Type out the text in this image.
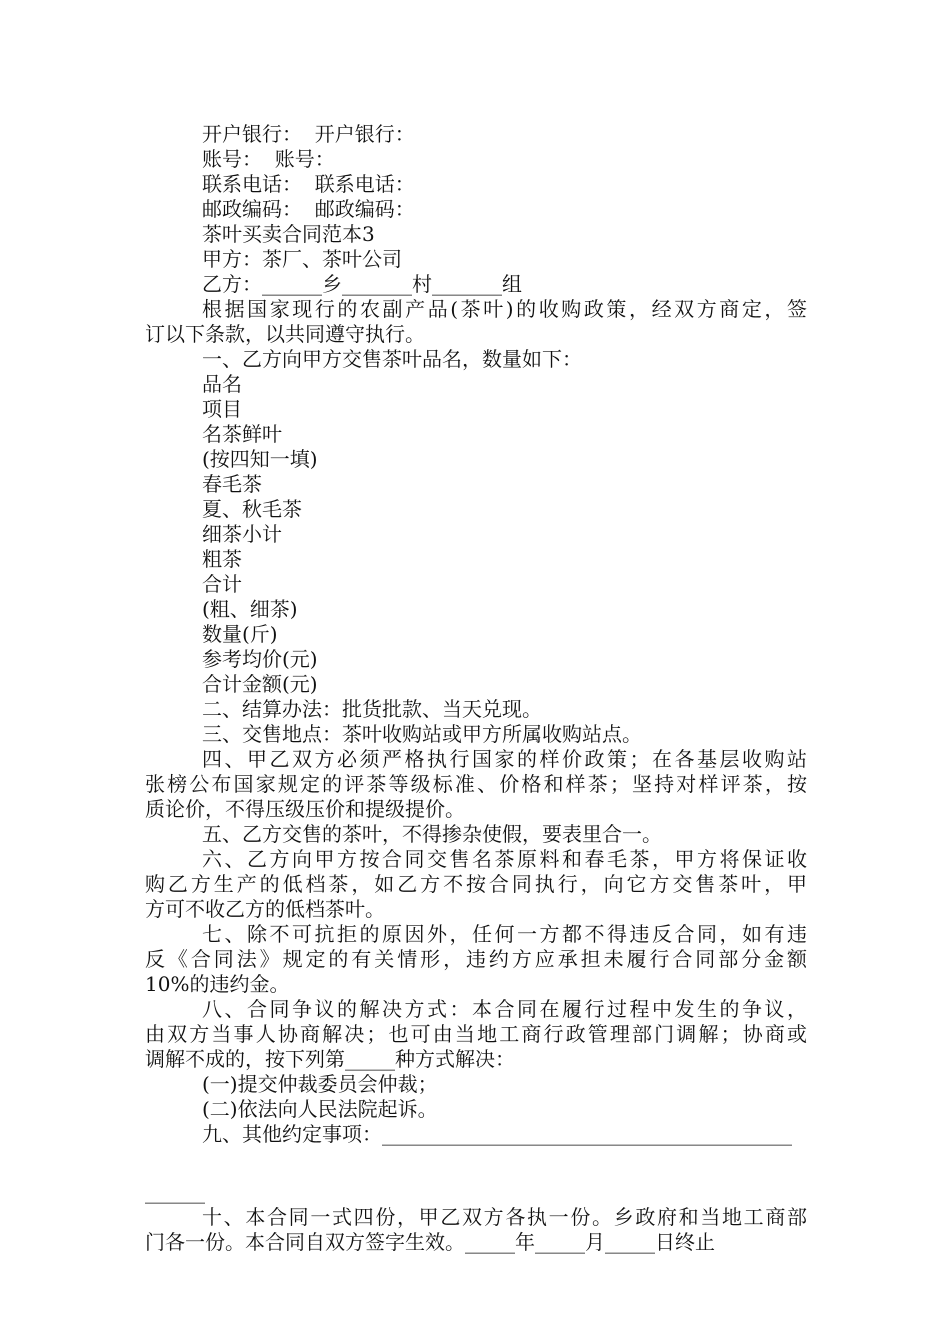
开户银行：  开户银行：
账号：  账号：
联系电话：  联系电话：
邮政编码：  邮政编码：
茶叶买卖合同范本3
甲方：茶厂、茶叶公司
乙方：______乡_______村_______组
根据国家现行的农副产品(茶叶)的收购政策，经双方商定，签
订以下条款，以共同遵守执行。
一、乙方向甲方交售茶叶品名，数量如下：
品名
项目
名茶鲜叶
(按四知一填)
春毛茶
夏、秋毛茶
细茶小计
粗茶
合计
(粗、细茶)
数量(斤)
参考均价(元)
合计金额(元)
二、结算办法：批货批款、当天兑现。
三、交售地点：茶叶收购站或甲方所属收购站点。
四、甲乙双方必须严格执行国家的样价政策；在各基层收购站
张榜公布国家规定的评茶等级标准、价格和样茶；坚持对样评茶，按
质论价，不得压级压价和提级提价。
五、乙方交售的茶叶，不得掺杂使假，要表里合一。
六、乙方向甲方按合同交售名茶原料和春毛茶，甲方将保证收
购乙方生产的低档茶，如乙方不按合同执行，向它方交售茶叶，甲
方可不收乙方的低档茶叶。
七、除不可抗拒的原因外，任何一方都不得违反合同，如有违
反《合同法》规定的有关情形，违约方应承担未履行合同部分金额
10%的违约金。
八、合同争议的解决方式：本合同在履行过程中发生的争议，
由双方当事人协商解决；也可由当地工商行政管理部门调解；协商或
调解不成的，按下列第_____种方式解决：
(一)提交仲裁委员会仲裁；
(二)依法向人民法院起诉。
九、其他约定事项：_________________________________________
______
十、本合同一式四份，甲乙双方各执一份。乡政府和当地工商部
门各一份。本合同自双方签字生效。_____年_____月_____日终止
